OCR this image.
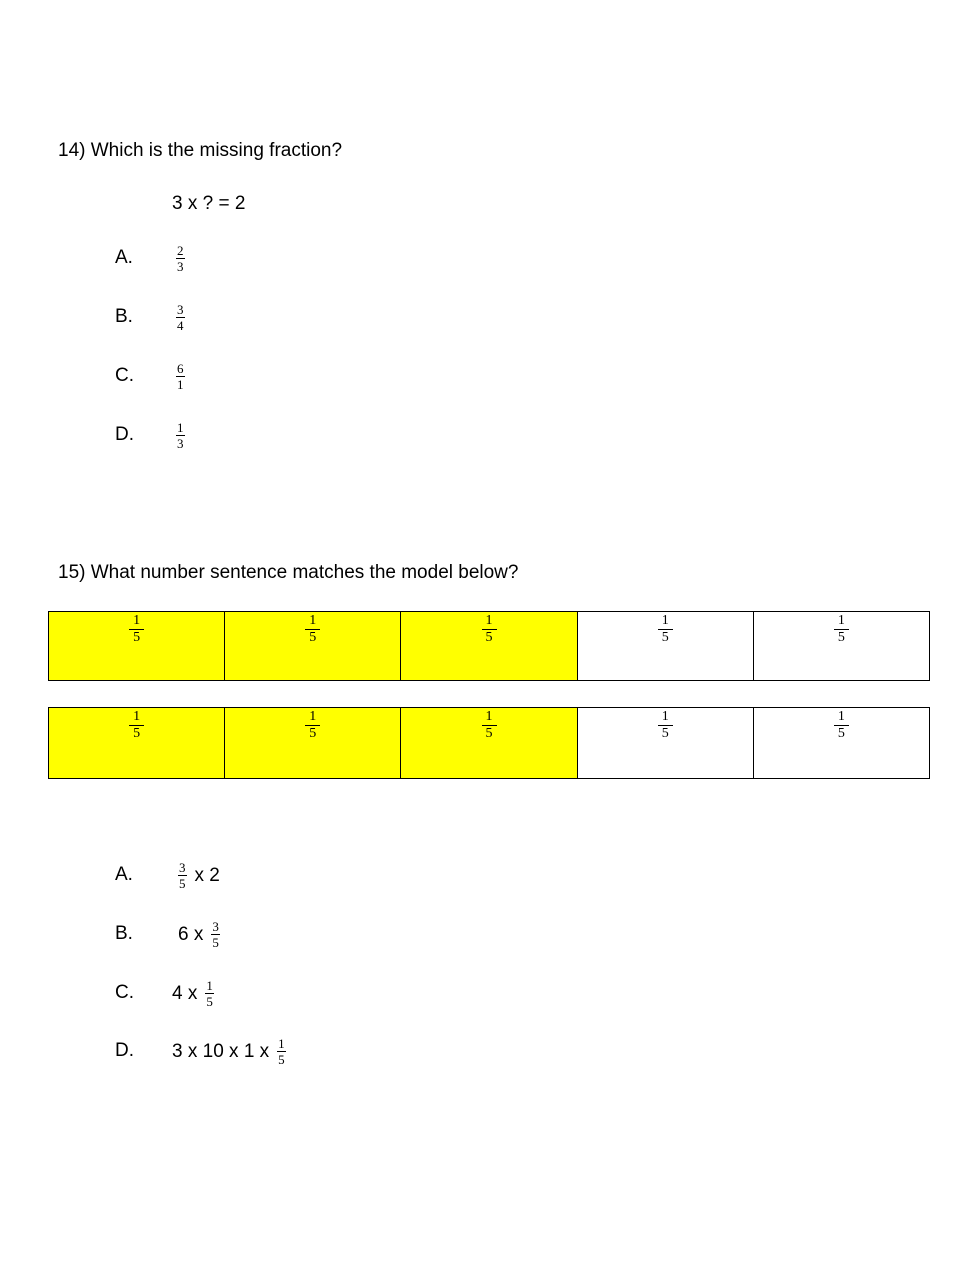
14) Which is the missing fraction?
3 x ? = 2
A.	$\frac{2}{3}$
B.	$\frac{3}{4}$
C.	$\frac{6}{1}$
D.	$\frac{1}{3}$
15) What number sentence matches the model below?
$\frac{1}{5}$	$\frac{1}{5}$	$\frac{1}{5}$	$\frac{1}{5}$	$\frac{1}{5}$
$\frac{1}{5}$	$\frac{1}{5}$	$\frac{1}{5}$	$\frac{1}{5}$	$\frac{1}{5}$
A.	$\frac{3}{5}$ x 2
B. 6 x $\frac{3}{5}$
C. 4 x $\frac{1}{5}$
D. 3 x 10 x 1 x $\frac{1}{5}$
